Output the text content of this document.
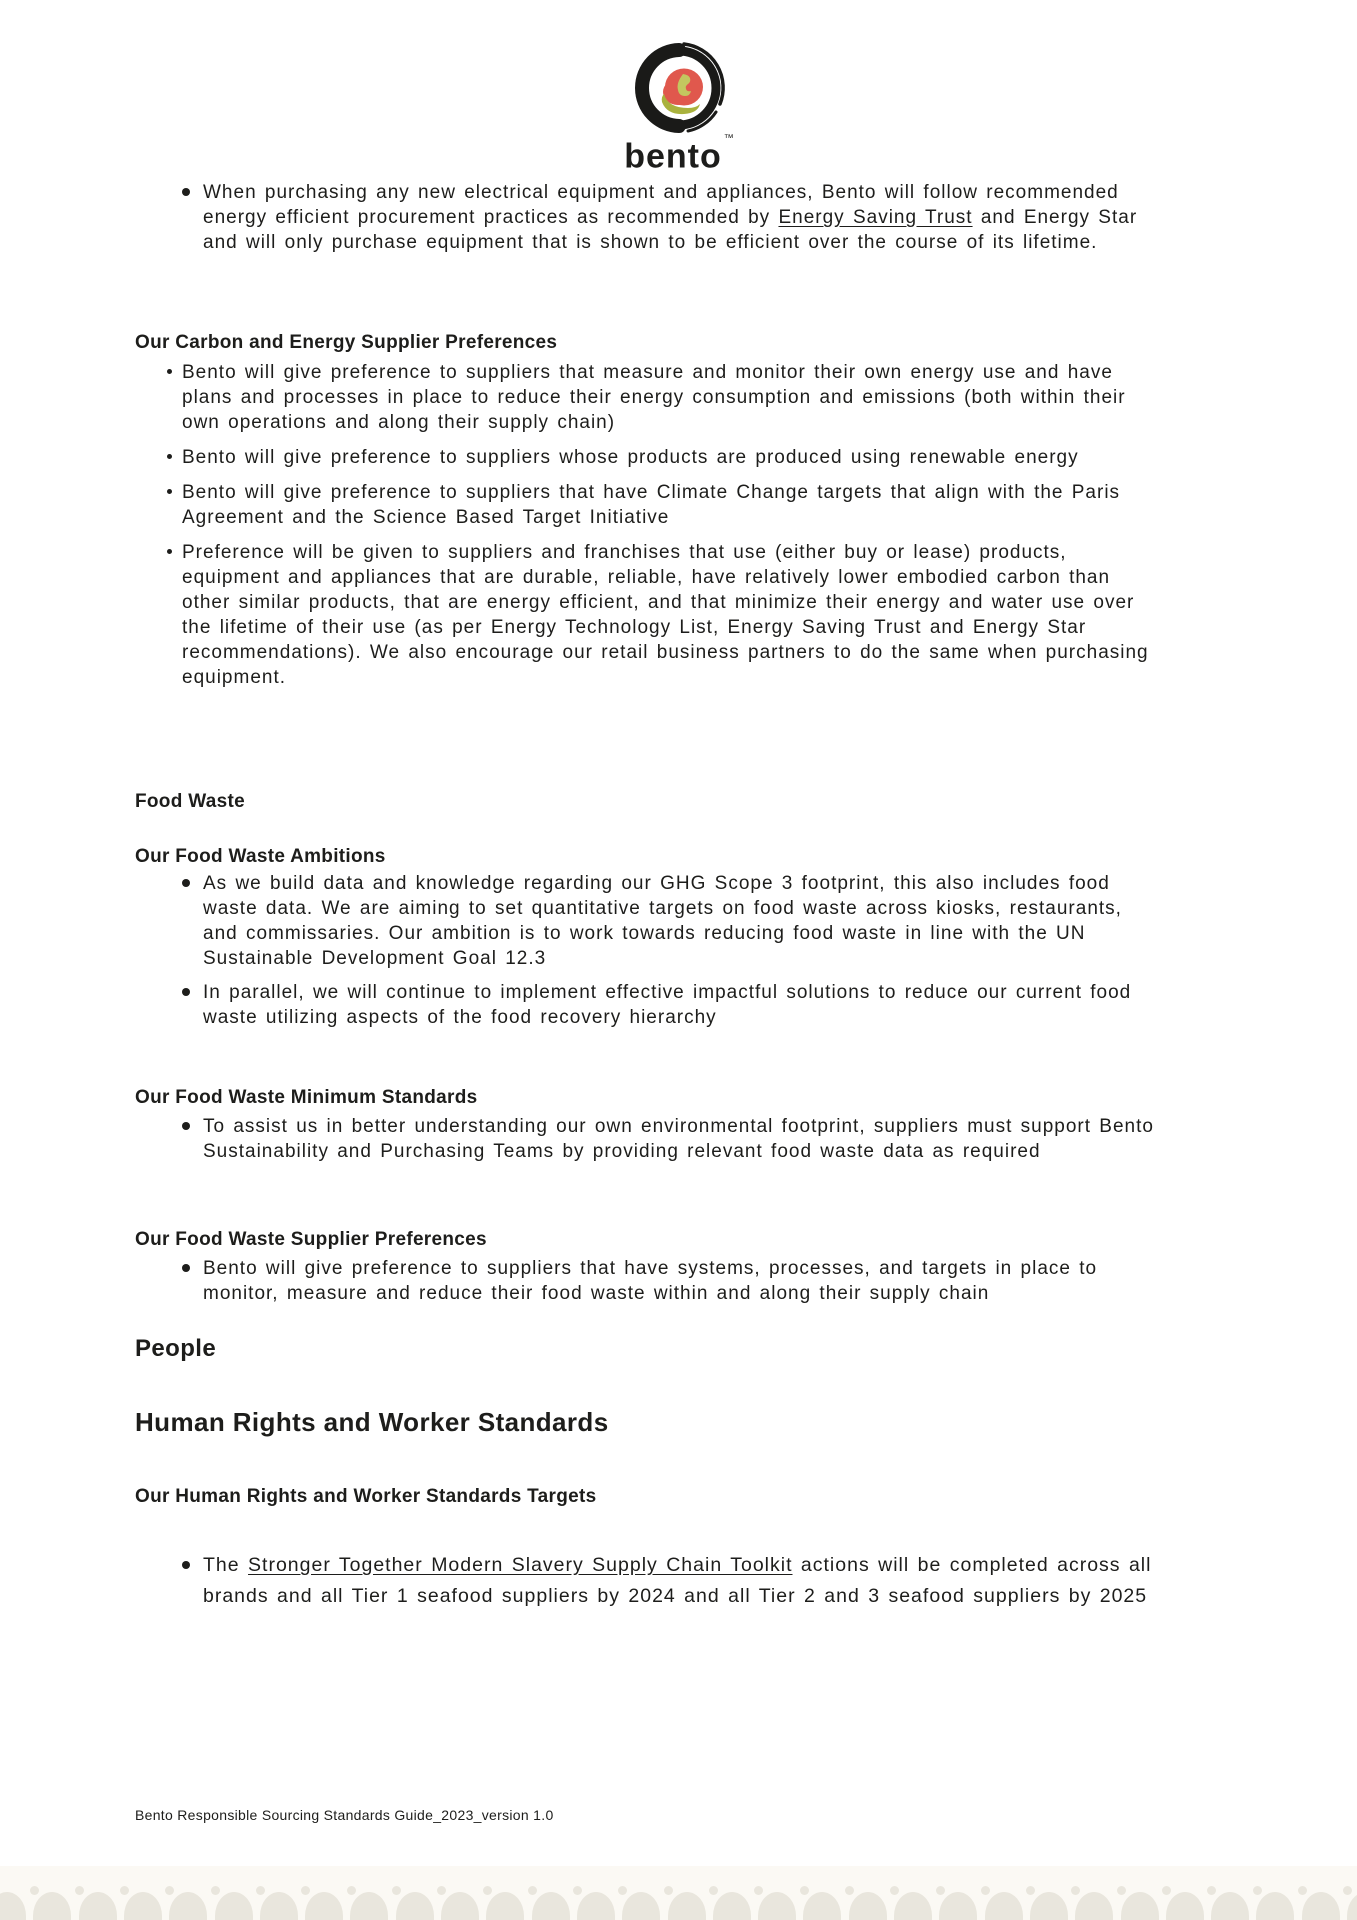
bento ™
When purchasing any new electrical equipment and appliances, Bento will follow recommended energy efficient procurement practices as recommended by Energy Saving Trust and Energy Star and will only purchase equipment that is shown to be efficient over the course of its lifetime.
Our Carbon and Energy Supplier Preferences
Bento will give preference to suppliers that measure and monitor their own energy use and have plans and processes in place to reduce their energy consumption and emissions (both within their own operations and along their supply chain)
Bento will give preference to suppliers whose products are produced using renewable energy
Bento will give preference to suppliers that have Climate Change targets that align with the Paris Agreement and the Science Based Target Initiative
Preference will be given to suppliers and franchises that use (either buy or lease) products, equipment and appliances that are durable, reliable, have relatively lower embodied carbon than other similar products, that are energy efficient, and that minimize their energy and water use over the lifetime of their use (as per Energy Technology List, Energy Saving Trust and Energy Star recommendations). We also encourage our retail business partners to do the same when purchasing equipment.
Food Waste
Our Food Waste Ambitions
As we build data and knowledge regarding our GHG Scope 3 footprint, this also includes food waste data. We are aiming to set quantitative targets on food waste across kiosks, restaurants, and commissaries. Our ambition is to work towards reducing food waste in line with the UN Sustainable Development Goal 12.3
In parallel, we will continue to implement effective impactful solutions to reduce our current food waste utilizing aspects of the food recovery hierarchy
Our Food Waste Minimum Standards
To assist us in better understanding our own environmental footprint, suppliers must support Bento Sustainability and Purchasing Teams by providing relevant food waste data as required
Our Food Waste Supplier Preferences
Bento will give preference to suppliers that have systems, processes, and targets in place to monitor, measure and reduce their food waste within and along their supply chain
People
Human Rights and Worker Standards
Our Human Rights and Worker Standards Targets
The Stronger Together Modern Slavery Supply Chain Toolkit actions will be completed across all brands and all Tier 1 seafood suppliers by 2024 and all Tier 2 and 3 seafood suppliers by 2025
Bento Responsible Sourcing Standards Guide_2023_version 1.0
